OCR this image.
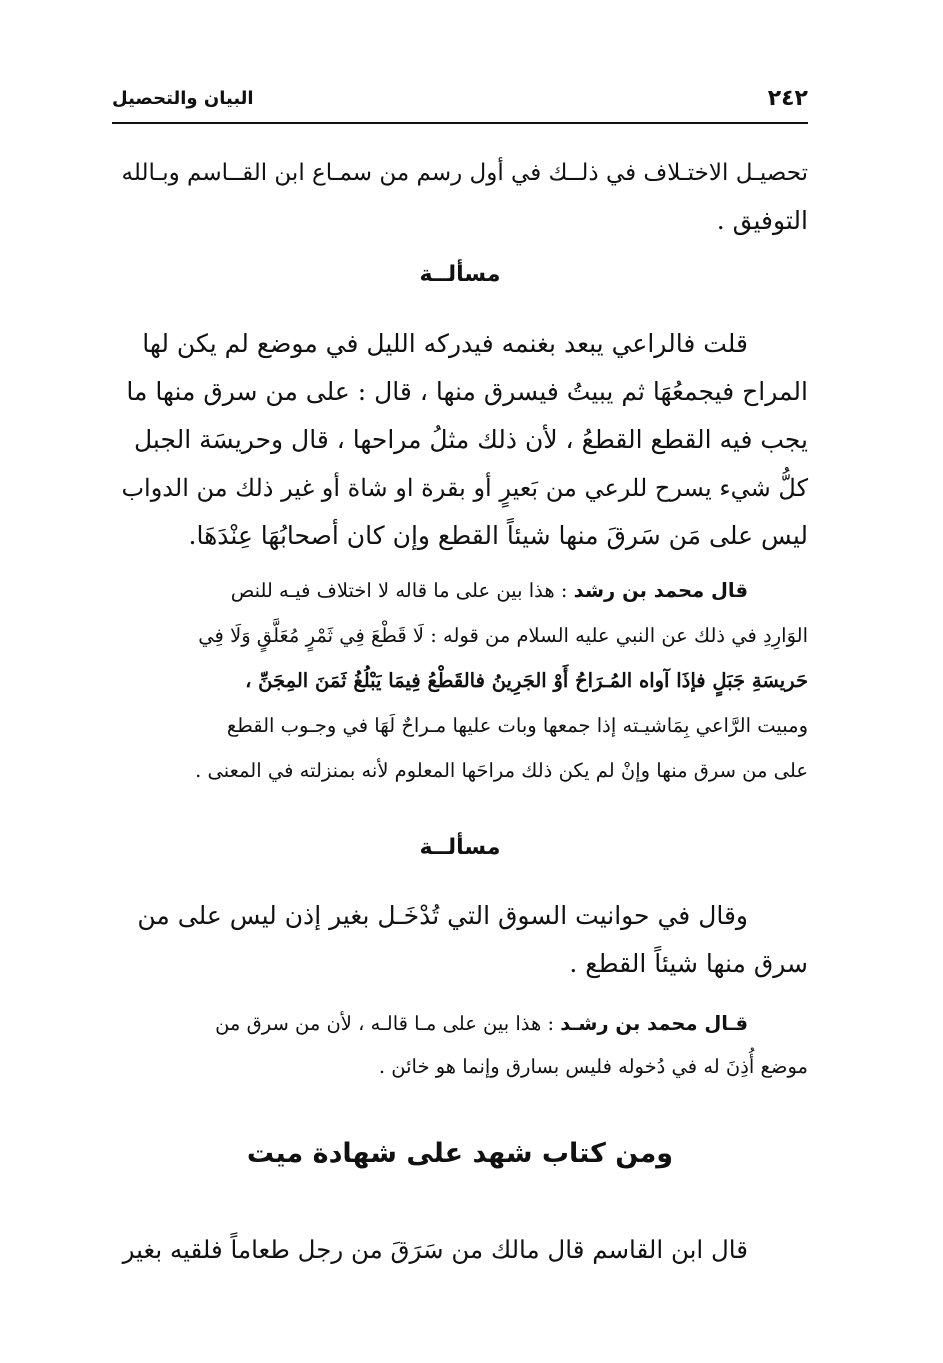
٢٤٢
البيان والتحصيل
تحصيـل الاختـلاف في ذلــك في أول رسم من سمـاع ابن القــاسم وبـالله
التوفيق .
مسألــة
قلت فالراعي يبعد بغنمه فيدركه الليل في موضع لم يكن لها
المراح فيجمعُهَا ثم يبيتُ فيسرق منها ، قال : على من سرق منها ما
يجب فيه القطع القطعُ ، لأن ذلك مثلُ مراحها ، قال وحريسَة الجبل
كلُّ شيء يسرح للرعي من بَعيرٍ أو بقرة او شاة أو غير ذلك من الدواب
ليس على مَن سَرقَ منها شيئاً القطع وإن كان أصحابُهَا عِنْدَهَا.
قال محمد بن رشد : هذا بين على ما قاله لا اختلاف فيـه للنص
الوَارِدِ في ذلك عن النبي عليه السلام من قوله : لَا قَطْعَ فِي ثَمْرٍ مُعَلَّقٍ وَلَا فِي
حَريسَةِ جَبَلٍ فإذَا آواه المُـرَاحُ أَوْ الجَرِينُ فالقَطْعُ فِيمَا يَبْلُغُ ثَمَنَ المِجَنِّ ،
ومبيت الرَّاعي بِمَاشيـته إذا جمعها وبات عليها مـراحٌ لَهَا في وجـوب القطع
على من سرق منها وإنْ لم يكن ذلك مراحَها المعلوم لأنه بمنزلته في المعنى .
مسألــة
وقال في حوانيت السوق التي تُدْخَـل بغير إذن ليس على من
سرق منها شيئاً القطع .
قـال محمد بن رشـد : هذا بين على مـا قالـه ، لأن من سرق من
موضع أُذِنَ له في دُخوله فليس بسارق وإنما هو خائن .
ومن كتاب شهد على شهادة ميت
قال ابن القاسم قال مالك من سَرَقَ من رجل طعاماً فلقيه بغير
